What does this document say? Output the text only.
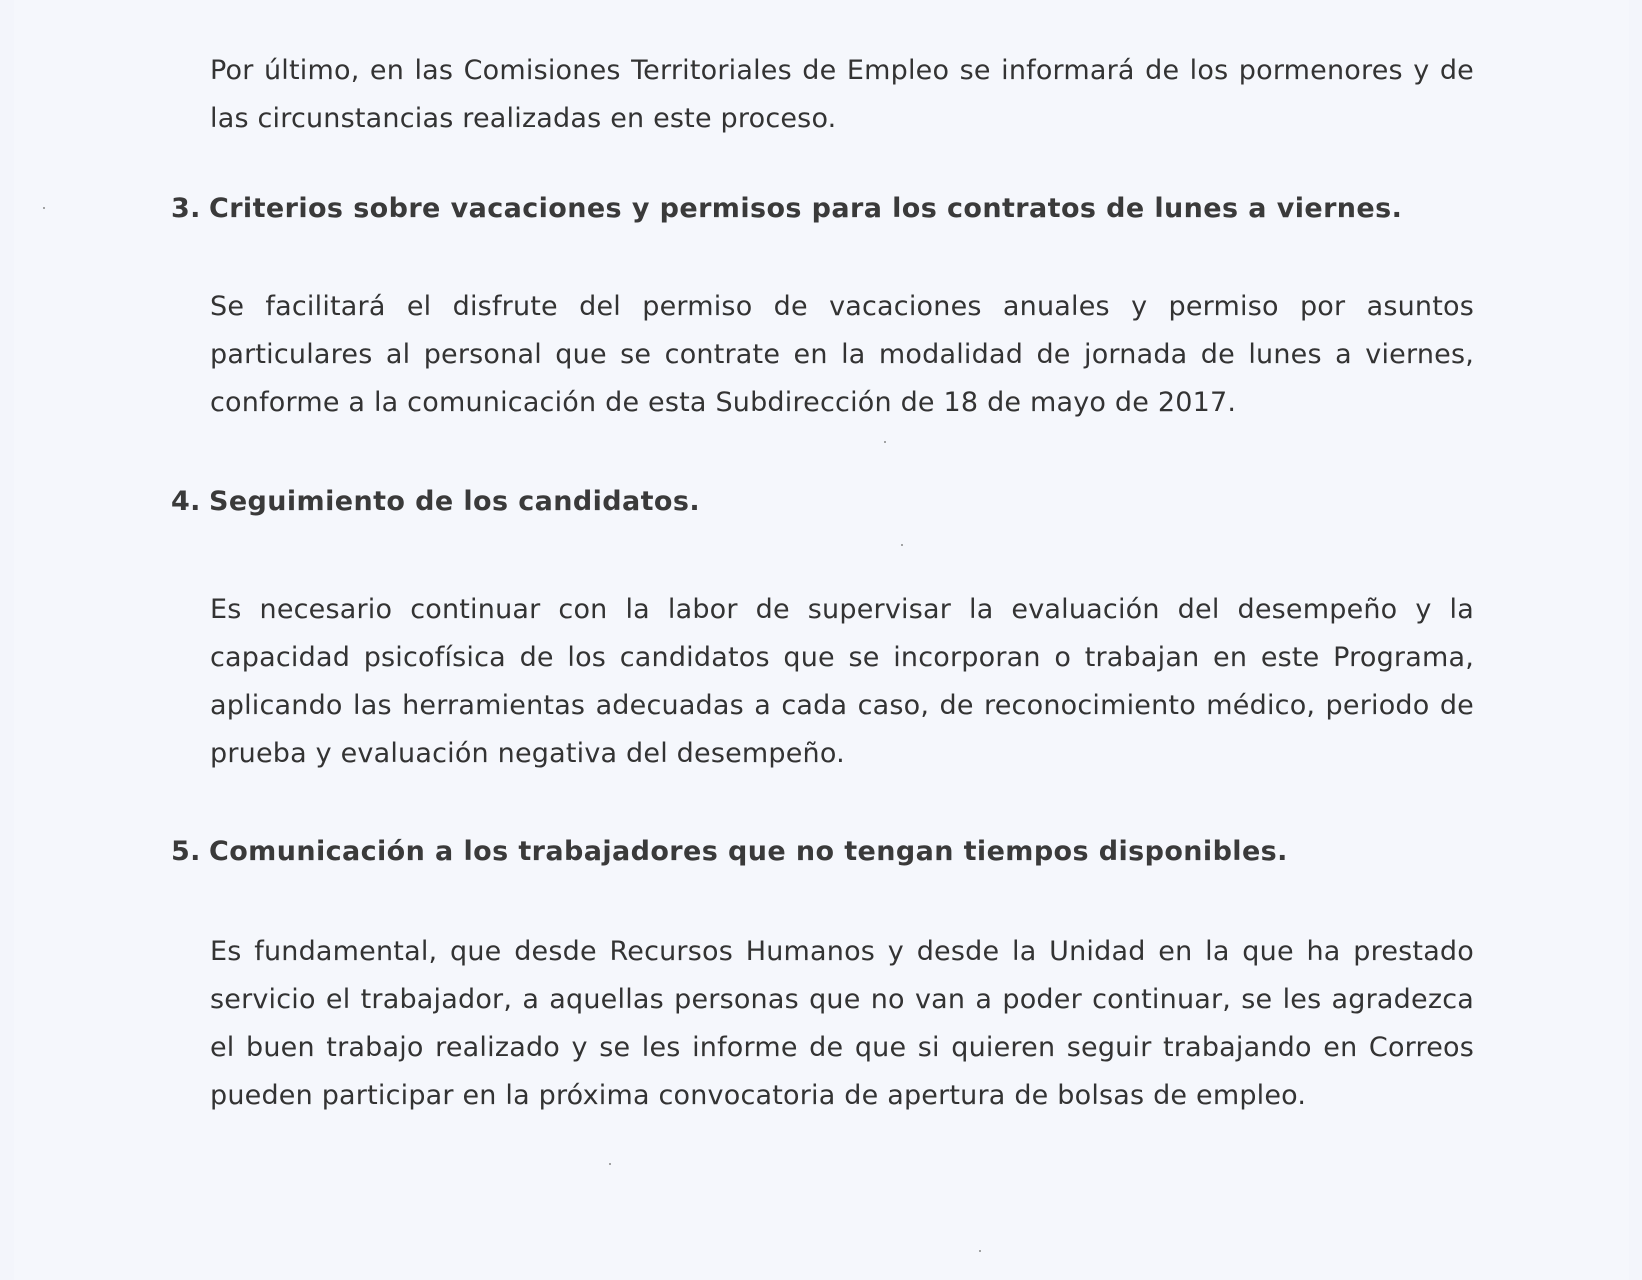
Por último, en las Comisiones Territoriales de Empleo se informará de los pormenores y de las circunstancias realizadas en este proceso.

3. Criterios sobre vacaciones y permisos para los contratos de lunes a viernes.

Se facilitará el disfrute del permiso de vacaciones anuales y permiso por asuntos particulares al personal que se contrate en la modalidad de jornada de lunes a viernes, conforme a la comunicación de esta Subdirección de 18 de mayo de 2017.

4. Seguimiento de los candidatos.

Es necesario continuar con la labor de supervisar la evaluación del desempeño y la capacidad psicofísica de los candidatos que se incorporan o trabajan en este Programa, aplicando las herramientas adecuadas a cada caso, de reconocimiento médico, periodo de prueba y evaluación negativa del desempeño.

5. Comunicación a los trabajadores que no tengan tiempos disponibles.

Es fundamental, que desde Recursos Humanos y desde la Unidad en la que ha prestado servicio el trabajador, a aquellas personas que no van a poder continuar, se les agradezca el buen trabajo realizado y se les informe de que si quieren seguir trabajando en Correos pueden participar en la próxima convocatoria de apertura de bolsas de empleo.
